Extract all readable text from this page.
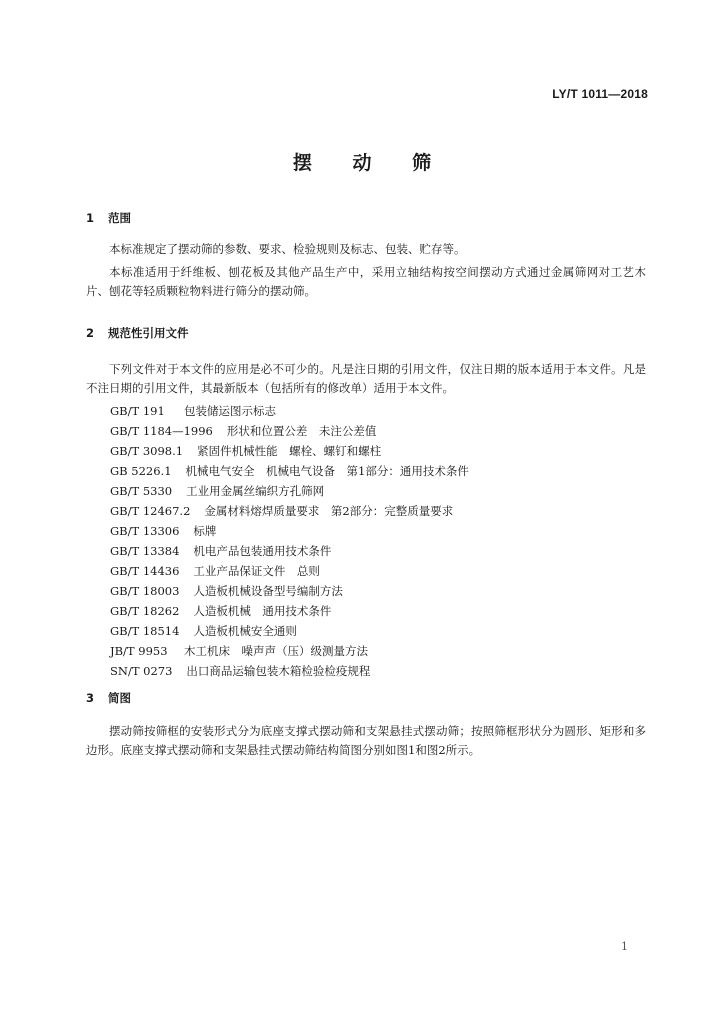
LY/T 1011—2018
摆 动 筛
1 范围
本标准规定了摆动筛的参数、要求、检验规则及标志、包装、贮存等。
本标准适用于纤维板、刨花板及其他产品生产中，采用立轴结构按空间摆动方式通过金属筛网对工艺木片、刨花等轻质颗粒物料进行筛分的摆动筛。
2 规范性引用文件
下列文件对于本文件的应用是必不可少的。凡是注日期的引用文件，仅注日期的版本适用于本文件。凡是不注日期的引用文件，其最新版本（包括所有的修改单）适用于本文件。
GB/T 191 包装储运图示标志
GB/T 1184—1996 形状和位置公差　未注公差值
GB/T 3098.1 紧固件机械性能　螺栓、螺钉和螺柱
GB 5226.1 机械电气安全　机械电气设备　第1部分：通用技术条件
GB/T 5330 工业用金属丝编织方孔筛网
GB/T 12467.2 金属材料熔焊质量要求　第2部分：完整质量要求
GB/T 13306 标牌
GB/T 13384 机电产品包装通用技术条件
GB/T 14436 工业产品保证文件　总则
GB/T 18003 人造板机械设备型号编制方法
GB/T 18262 人造板机械　通用技术条件
GB/T 18514 人造板机械安全通则
JB/T 9953 木工机床　噪声声（压）级测量方法
SN/T 0273 出口商品运输包装木箱检验检疫规程
3 简图
摆动筛按筛框的安装形式分为底座支撑式摆动筛和支架悬挂式摆动筛；按照筛框形状分为圆形、矩形和多边形。底座支撑式摆动筛和支架悬挂式摆动筛结构简图分别如图1和图2所示。
1
